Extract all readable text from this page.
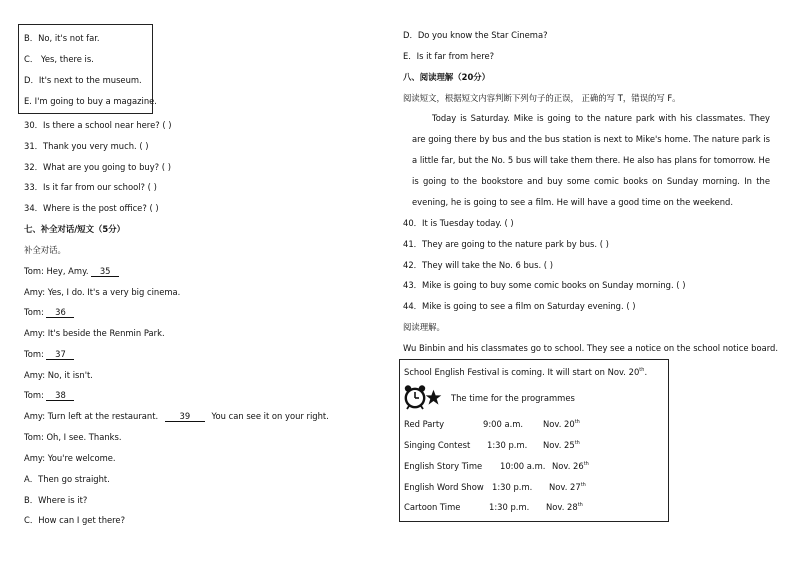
B．No, it's not far.
C． Yes, there is.
D．It's next to the museum.
E. I'm going to buy a magazine.
30．Is there a school near here? ( )
31．Thank you very much. ( )
32．What are you going to buy? ( )
33．Is it far from our school? ( )
34．Where is the post office? ( )
七、补全对话/短文（5分）
补全对话。
Tom: Hey, Amy. 35
Amy: Yes, I do. It's a very big cinema.
Tom: 36
Amy: It's beside the Renmin Park.
Tom: 37
Amy: No, it isn't.
Tom: 38
Amy: Turn left at the restaurant.	39	You can see it on your right.
Tom: Oh, I see. Thanks.
Amy: You're welcome.
A．Then go straight.
B．Where is it?
C．How can I get there?
D．Do you know the Star Cinema?
E．Is it far from here?
八、阅读理解（20分）
阅读短文，根据短文内容判断下列句子的正误， 正确的写 T，错误的写 F。

Today is Saturday. Mike is going to the nature park with his classmates. They are going there by bus and the bus station is next to Mike's home. The nature park is a little far, but the No. 5 bus will take them there. He also has plans for tomorrow. He is going to the bookstore and buy some comic books on Sunday morning. In the evening, he is going to see a film. He will have a good time on the weekend.

40．It is Tuesday today. ( )
41．They are going to the nature park by bus. ( )
42．They will take the No. 6 bus. ( )
43．Mike is going to buy some comic books on Sunday morning. ( )
44．Mike is going to see a film on Saturday evening. ( )
阅读理解。
Wu Binbin and his classmates go to school. They see a notice on the school notice board.
School English Festival is coming. It will start on Nov. 20th.
The time for the programmes
Red Party	9:00 a.m. Nov. 20th
Singing Contest 1:30 p.m. Nov. 25th
English Story Time 10:00 a.m. Nov. 26th
English Word Show 1:30 p.m. Nov. 27th
Cartoon Time	1:30 p.m. Nov. 28th
